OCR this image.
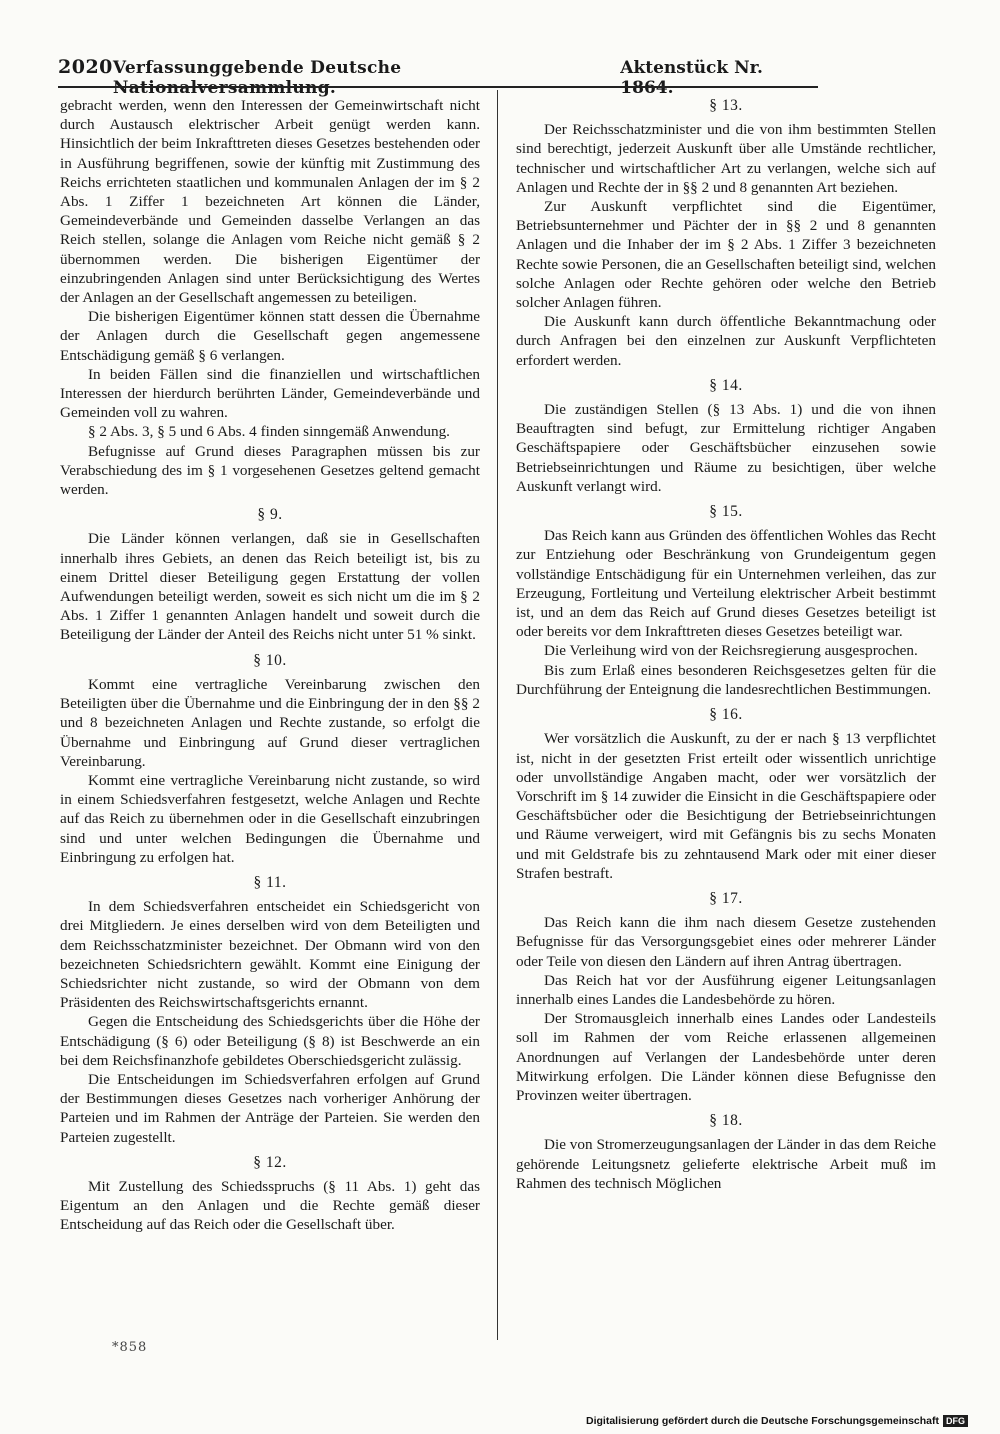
2020 Verfassunggebende Deutsche Nationalversammlung.
Aktenstück Nr. 1864.

gebracht werden, wenn den Interessen der Gemeinwirtschaft nicht durch Austausch elektrischer Arbeit genügt werden kann. Hinsichtlich der beim Inkrafttreten dieses Gesetzes bestehenden oder in Ausführung begriffenen, sowie der künftig mit Zustimmung des Reichs errichteten staatlichen und kommunalen Anlagen der im § 2 Abs. 1 Ziffer 1 bezeichneten Art können die Länder, Gemeindeverbände und Gemeinden dasselbe Verlangen an das Reich stellen, solange die Anlagen vom Reiche nicht gemäß § 2 übernommen werden. Die bisherigen Eigentümer der einzubringenden Anlagen sind unter Berücksichtigung des Wertes der Anlagen an der Gesellschaft angemessen zu beteiligen.

Die bisherigen Eigentümer können statt dessen die Übernahme der Anlagen durch die Gesellschaft gegen angemessene Entschädigung gemäß § 6 verlangen.

In beiden Fällen sind die finanziellen und wirtschaftlichen Interessen der hierdurch berührten Länder, Gemeindeverbände und Gemeinden voll zu wahren.

§ 2 Abs. 3, § 5 und 6 Abs. 4 finden sinngemäß Anwendung.

Befugnisse auf Grund dieses Paragraphen müssen bis zur Verabschiedung des im § 1 vorgesehenen Gesetzes geltend gemacht werden.

§ 9.

Die Länder können verlangen, daß sie in Gesellschaften innerhalb ihres Gebiets, an denen das Reich beteiligt ist, bis zu einem Drittel dieser Beteiligung gegen Erstattung der vollen Aufwendungen beteiligt werden, soweit es sich nicht um die im § 2 Abs. 1 Ziffer 1 genannten Anlagen handelt und soweit durch die Beteiligung der Länder der Anteil des Reichs nicht unter 51 % sinkt.

§ 10.

Kommt eine vertragliche Vereinbarung zwischen den Beteiligten über die Übernahme und die Einbringung der in den §§ 2 und 8 bezeichneten Anlagen und Rechte zustande, so erfolgt die Übernahme und Einbringung auf Grund dieser vertraglichen Vereinbarung.

Kommt eine vertragliche Vereinbarung nicht zustande, so wird in einem Schiedsverfahren festgesetzt, welche Anlagen und Rechte auf das Reich zu übernehmen oder in die Gesellschaft einzubringen sind und unter welchen Bedingungen die Übernahme und Einbringung zu erfolgen hat.

§ 11.

In dem Schiedsverfahren entscheidet ein Schiedsgericht von drei Mitgliedern. Je eines derselben wird von dem Beteiligten und dem Reichsschatzminister bezeichnet. Der Obmann wird von den bezeichneten Schiedsrichtern gewählt. Kommt eine Einigung der Schiedsrichter nicht zustande, so wird der Obmann von dem Präsidenten des Reichswirtschaftsgerichts ernannt.

Gegen die Entscheidung des Schiedsgerichts über die Höhe der Entschädigung (§ 6) oder Beteiligung (§ 8) ist Beschwerde an ein bei dem Reichsfinanzhofe gebildetes Oberschiedsgericht zulässig.

Die Entscheidungen im Schiedsverfahren erfolgen auf Grund der Bestimmungen dieses Gesetzes nach vorheriger Anhörung der Parteien und im Rahmen der Anträge der Parteien. Sie werden den Parteien zugestellt.

§ 12.

Mit Zustellung des Schiedsspruchs (§ 11 Abs. 1) geht das Eigentum an den Anlagen und die Rechte gemäß dieser Entscheidung auf das Reich oder die Gesellschaft über.

*858
§ 13.

Der Reichsschatzminister und die von ihm bestimmten Stellen sind berechtigt, jederzeit Auskunft über alle Umstände rechtlicher, technischer und wirtschaftlicher Art zu verlangen, welche sich auf Anlagen und Rechte der in §§ 2 und 8 genannten Art beziehen.

Zur Auskunft verpflichtet sind die Eigentümer, Betriebsunternehmer und Pächter der in §§ 2 und 8 genannten Anlagen und die Inhaber der im § 2 Abs. 1 Ziffer 3 bezeichneten Rechte sowie Personen, die an Gesellschaften beteiligt sind, welchen solche Anlagen oder Rechte gehören oder welche den Betrieb solcher Anlagen führen.

Die Auskunft kann durch öffentliche Bekanntmachung oder durch Anfragen bei den einzelnen zur Auskunft Verpflichteten erfordert werden.

§ 14.

Die zuständigen Stellen (§ 13 Abs. 1) und die von ihnen Beauftragten sind befugt, zur Ermittelung richtiger Angaben Geschäftspapiere oder Geschäftsbücher einzusehen sowie Betriebseinrichtungen und Räume zu besichtigen, über welche Auskunft verlangt wird.

§ 15.

Das Reich kann aus Gründen des öffentlichen Wohles das Recht zur Entziehung oder Beschränkung von Grundeigentum gegen vollständige Entschädigung für ein Unternehmen verleihen, das zur Erzeugung, Fortleitung und Verteilung elektrischer Arbeit bestimmt ist, und an dem das Reich auf Grund dieses Gesetzes beteiligt ist oder bereits vor dem Inkrafttreten dieses Gesetzes beteiligt war.

Die Verleihung wird von der Reichsregierung ausgesprochen.

Bis zum Erlaß eines besonderen Reichsgesetzes gelten für die Durchführung der Enteignung die landesrechtlichen Bestimmungen.

§ 16.

Wer vorsätzlich die Auskunft, zu der er nach § 13 verpflichtet ist, nicht in der gesetzten Frist erteilt oder wissentlich unrichtige oder unvollständige Angaben macht, oder wer vorsätzlich der Vorschrift im § 14 zuwider die Einsicht in die Geschäftspapiere oder Geschäftsbücher oder die Besichtigung der Betriebseinrichtungen und Räume verweigert, wird mit Gefängnis bis zu sechs Monaten und mit Geldstrafe bis zu zehntausend Mark oder mit einer dieser Strafen bestraft.

§ 17.

Das Reich kann die ihm nach diesem Gesetze zustehenden Befugnisse für das Versorgungsgebiet eines oder mehrerer Länder oder Teile von diesen den Ländern auf ihren Antrag übertragen.

Das Reich hat vor der Ausführung eigener Leitungsanlagen innerhalb eines Landes die Landesbehörde zu hören.

Der Stromausgleich innerhalb eines Landes oder Landesteils soll im Rahmen der vom Reiche erlassenen allgemeinen Anordnungen auf Verlangen der Landesbehörde unter deren Mitwirkung erfolgen. Die Länder können diese Befugnisse den Provinzen weiter übertragen.

§ 18.

Die von Stromerzeugungsanlagen der Länder in das dem Reiche gehörende Leitungsnetz gelieferte elektrische Arbeit muß im Rahmen des technisch Möglichen

Digitalisierung gefördert durch die Deutsche Forschungsgemeinschaft DFG
